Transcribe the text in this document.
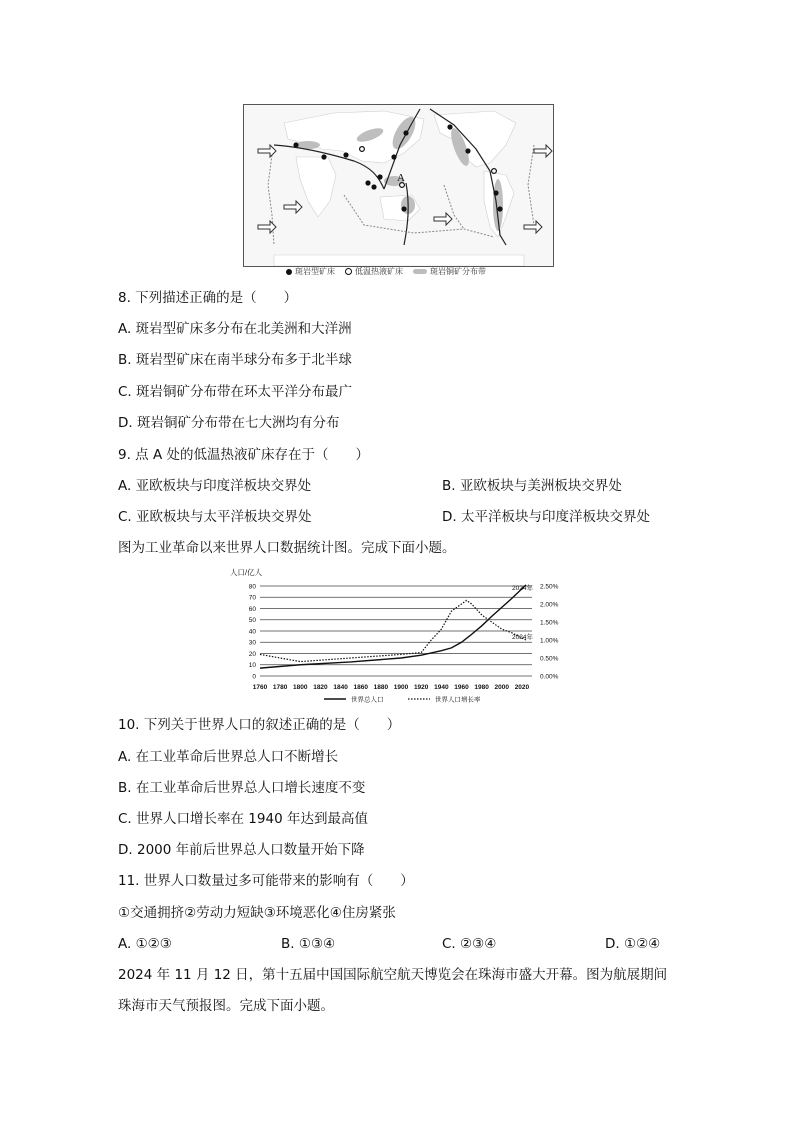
A
斑岩型矿床	低温热液矿床	斑岩铜矿分布带
8. 下列描述正确的是（　　）
A. 斑岩型矿床多分布在北美洲和大洋洲
B. 斑岩型矿床在南半球分布多于北半球
C. 斑岩铜矿分布带在环太平洋分布最广
D. 斑岩铜矿分布带在七大洲均有分布
9. 点 A 处的低温热液矿床存在于（　　）
A. 亚欧板块与印度洋板块交界处	B. 亚欧板块与美洲板块交界处
C. 亚欧板块与太平洋板块交界处	D. 太平洋板块与印度洋板块交界处
图为工业革命以来世界人口数据统计图。完成下面小题。
人口/亿人
0
10
20
30
40
50
60
70
80
0.00%
0.50%
1.00%
1.50%
2.00%
2.50%
1760 1780 1800 1820 1840 1860 1880 1900 1920 1940 1960 1980 2000 2020
2024年
2024年
世界总人口	世界人口增长率
10. 下列关于世界人口的叙述正确的是（　　）
A. 在工业革命后世界总人口不断增长
B. 在工业革命后世界总人口增长速度不变
C. 世界人口增长率在 1940 年达到最高值
D. 2000 年前后世界总人口数量开始下降
11. 世界人口数量过多可能带来的影响有（　　）
①交通拥挤②劳动力短缺③环境恶化④住房紧张
A. ①②③	B. ①③④	C. ②③④	D. ①②④
2024 年 11 月 12 日，第十五届中国国际航空航天博览会在珠海市盛大开幕。图为航展期间
珠海市天气预报图。完成下面小题。
